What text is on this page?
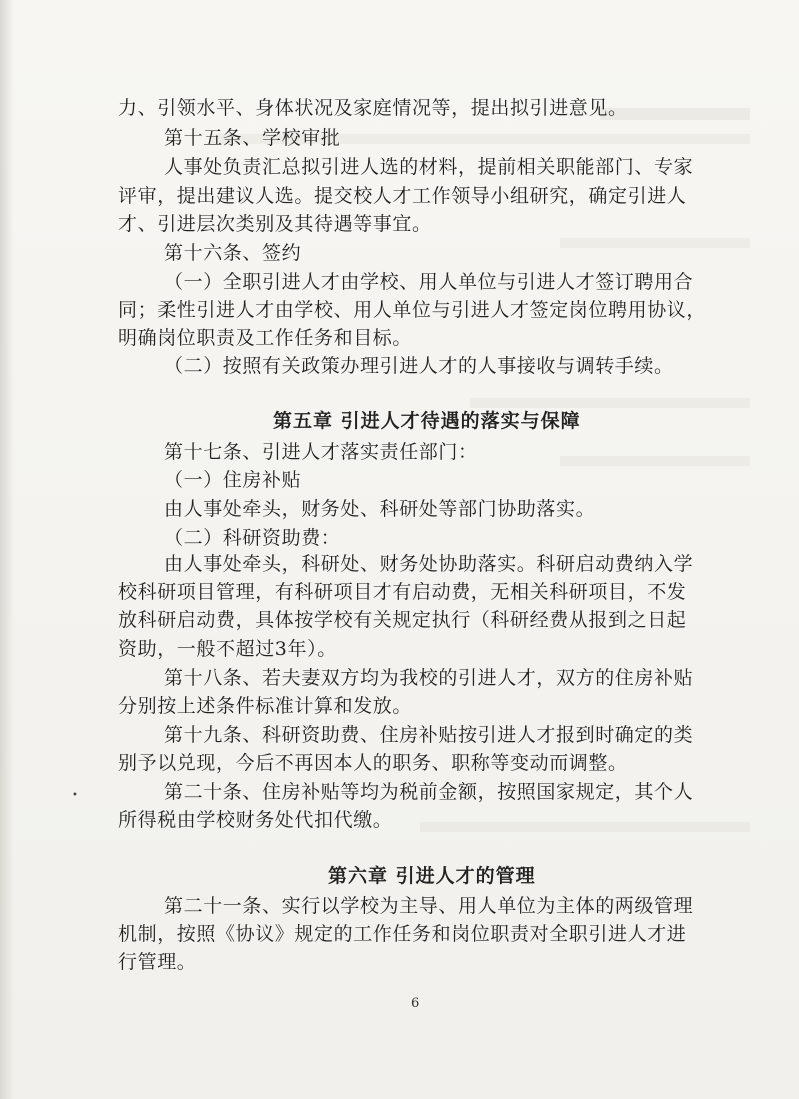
力、引领水平、身体状况及家庭情况等，提出拟引进意见。
第十五条、学校审批
人事处负责汇总拟引进人选的材料，提前相关职能部门、专家
评审，提出建议人选。提交校人才工作领导小组研究，确定引进人
才、引进层次类别及其待遇等事宜。
第十六条、签约
（一）全职引进人才由学校、用人单位与引进人才签订聘用合
同；柔性引进人才由学校、用人单位与引进人才签定岗位聘用协议，
明确岗位职责及工作任务和目标。
（二）按照有关政策办理引进人才的人事接收与调转手续。
第五章 引进人才待遇的落实与保障
第十七条、引进人才落实责任部门：
（一）住房补贴
由人事处牵头，财务处、科研处等部门协助落实。
（二）科研资助费：
由人事处牵头，科研处、财务处协助落实。科研启动费纳入学
校科研项目管理，有科研项目才有启动费，无相关科研项目，不发
放科研启动费，具体按学校有关规定执行（科研经费从报到之日起
资助，一般不超过3年）。
第十八条、若夫妻双方均为我校的引进人才，双方的住房补贴
分别按上述条件标准计算和发放。
第十九条、科研资助费、住房补贴按引进人才报到时确定的类
别予以兑现，今后不再因本人的职务、职称等变动而调整。
第二十条、住房补贴等均为税前金额，按照国家规定，其个人
所得税由学校财务处代扣代缴。
第六章 引进人才的管理
第二十一条、实行以学校为主导、用人单位为主体的两级管理
机制，按照《协议》规定的工作任务和岗位职责对全职引进人才进
行管理。
•
6
